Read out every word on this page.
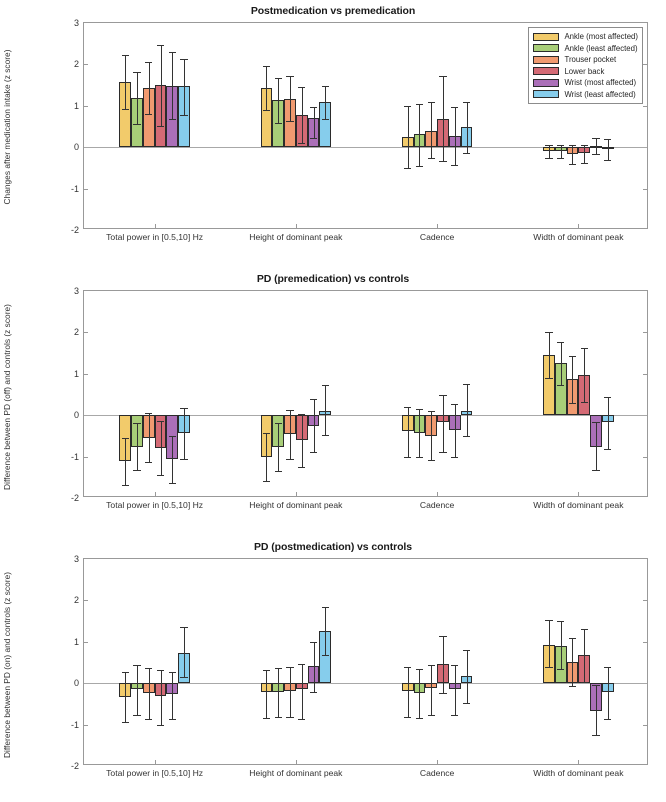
Postmedication vs premedication
Changes after medication intake (z score)
-2
-1
0
1
2
3
Total power in [0.5,10] Hz	Height of dominant peak	Cadence	Width of dominant peak
Ankle (most affected)
Ankle (least affected)
Trouser pocket
Lower back
Wrist (most affected)
Wrist (least affected)
PD (premedication) vs controls
Difference between PD (off) and controls (z score)
-2
-1
0
1
2
3
Total power in [0.5,10] Hz	Height of dominant peak	Cadence	Width of dominant peak
PD (postmedication) vs controls
Difference between PD (on) and controls (z score)
-2
-1
0
1
2
3
Total power in [0.5,10] Hz	Height of dominant peak	Cadence	Width of dominant peak
